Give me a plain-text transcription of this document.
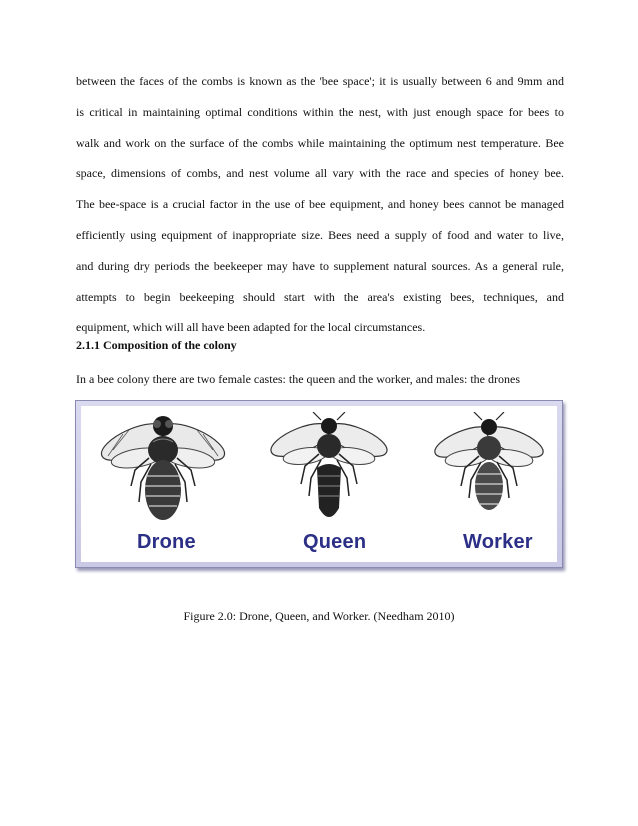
between the faces of the combs is known as the 'bee space'; it is usually between 6 and 9mm and
is critical in maintaining optimal conditions within the nest, with just enough space for bees to
walk and work on the surface of the combs while maintaining the optimum nest temperature. Bee
space, dimensions of combs, and nest volume all vary with the race and species of honey bee.
The bee-space is a crucial factor in the use of bee equipment, and honey bees cannot be managed
efficiently using equipment of inappropriate size. Bees need a supply of food and water to live,
and during dry periods the beekeeper may have to supplement natural sources. As a general rule,
attempts to begin beekeeping should start with the area's existing bees, techniques, and
equipment, which will all have been adapted for the local circumstances.

2.1.1 Composition of the colony

In a bee colony there are two female castes: the queen and the worker, and males: the drones

Drone	Queen	Worker

Figure 2.0: Drone, Queen, and Worker. (Needham 2010)
